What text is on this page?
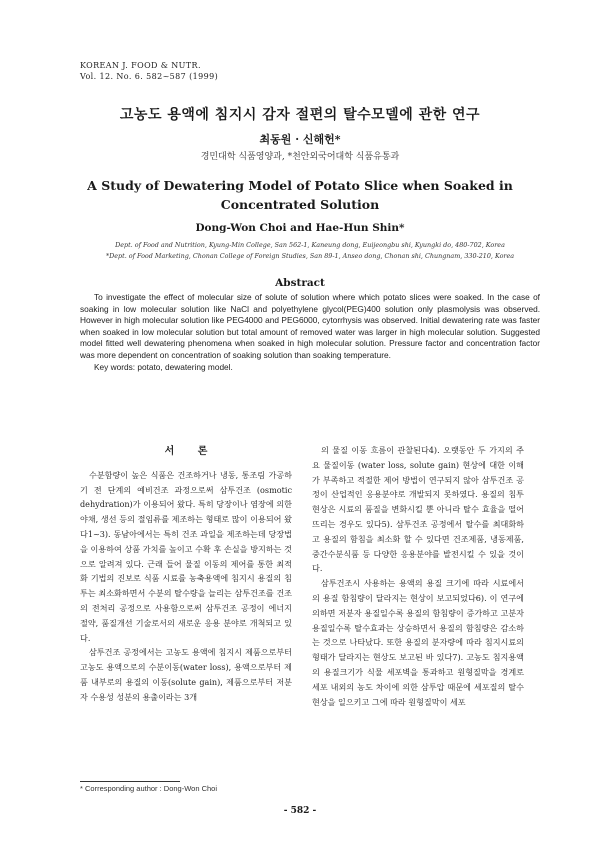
KOREAN J. FOOD & NUTR.
Vol. 12. No. 6. 582~587 (1999)
고농도 용액에 침지시 감자 절편의 탈수모델에 관한 연구
최동원 · 신해헌*
경민대학 식품영양과, *천안외국어대학 식품유통과
A Study of Dewatering Model of Potato Slice when Soaked in
Concentrated Solution
Dong-Won Choi and Hae-Hun Shin*
Dept. of Food and Nutrition, Kyung-Min College, San 562-1, Kaneung dong, Euijeongbu shi, Kyungki do, 480-702, Korea
*Dept. of Food Marketing, Chonan College of Foreign Studies, San 89-1, Anseo dong, Chonan shi, Chungnam, 330-210, Korea
Abstract

To investigate the effect of molecular size of solute of solution where which potato slices were soaked. In the case of soaking in low molecular solution like NaCl and polyethylene glycol(PEG)400 solution only plasmolysis was observed. However in high molecular solution like PEG4000 and PEG6000, cytorrhysis was observed. Initial dewatering rate was faster when soaked in low molecular solution but total amount of removed water was larger in high molecular solution. Suggested model fitted well dewatering phenomena when soaked in high molecular solution. Pressure factor and concentration factor was more dependent on concentration of soaking solution than soaking temperature.

Key words: potato, dewatering model.

서 론

수분함량이 높은 식품은 건조하거나 냉동, 통조림 가공하기 전 단계의 예비건조 과정으로써 삼투건조 (osmotic dehydration)가 이용되어 왔다. 특히 당장이나 염장에 의한 야채, 생선 등의 절임류를 제조하는 형태로 많이 이용되어 왔다1~3). 동남아에서는 특히 건조 과일을 제조하는데 당장법을 이용하여 상품 가치를 높이고 수확 후 손실을 방지하는 것으로 알려져 있다. 근래 들어 물질 이동의 제어를 통한 최적화 기법의 진보로 식품 시료를 농축용액에 침지시 용질의 침투는 최소화하면서 수분의 탈수량을 늘리는 삼투건조를 건조의 전처리 공정으로 사용함으로써 삼투건조 공정이 에너지 절약, 품질개선 기술로서의 새로운 응용 분야로 개척되고 있다.

삼투건조 공정에서는 고농도 용액에 침지시 제품으로부터 고농도 용액으로의 수분이동(water loss), 용액으로부터 제품 내부로의 용질의 이동(solute gain), 제품으로부터 저분자 수용성 성분의 용출이라는 3개

의 물질 이동 흐름이 관찰된다4). 오랫동안 두 가지의 주요 물질이동 (water loss, solute gain) 현상에 대한 이해가 부족하고 적절한 제어 방법이 연구되지 않아 삼투건조 공정이 산업적인 응용분야로 개발되지 못하였다. 용질의 침투현상은 시료의 품질을 변화시킬 뿐 아니라 탈수 효율을 떨어뜨리는 경우도 있다5). 삼투건조 공정에서 탈수를 최대화하고 용질의 함침을 최소화 할 수 있다면 건조제품, 냉동제품, 중간수분식품 등 다양한 응용분야를 발전시킬 수 있을 것이다.

삼투건조시 사용하는 용액의 용질 크기에 따라 시료에서의 용질 함침량이 달라지는 현상이 보고되었다6). 이 연구에 의하면 저분자 용질일수록 용질의 함침량이 증가하고 고분자 용질일수록 탈수효과는 상승하면서 용질의 함침량은 감소하는 것으로 나타났다. 또한 용질의 분자량에 따라 침지시료의 형태가 달라지는 현상도 보고된 바 있다7). 고농도 침지용액의 용질크기가 식물 세포벽을 통과하고 원형질막을 경계로 세포 내외의 농도 차이에 의한 삼투압 때문에 세포질의 탈수 현상을 일으키고 그에 따라 원형질막이 세포

* Corresponding author : Dong-Won Choi
- 582 -
